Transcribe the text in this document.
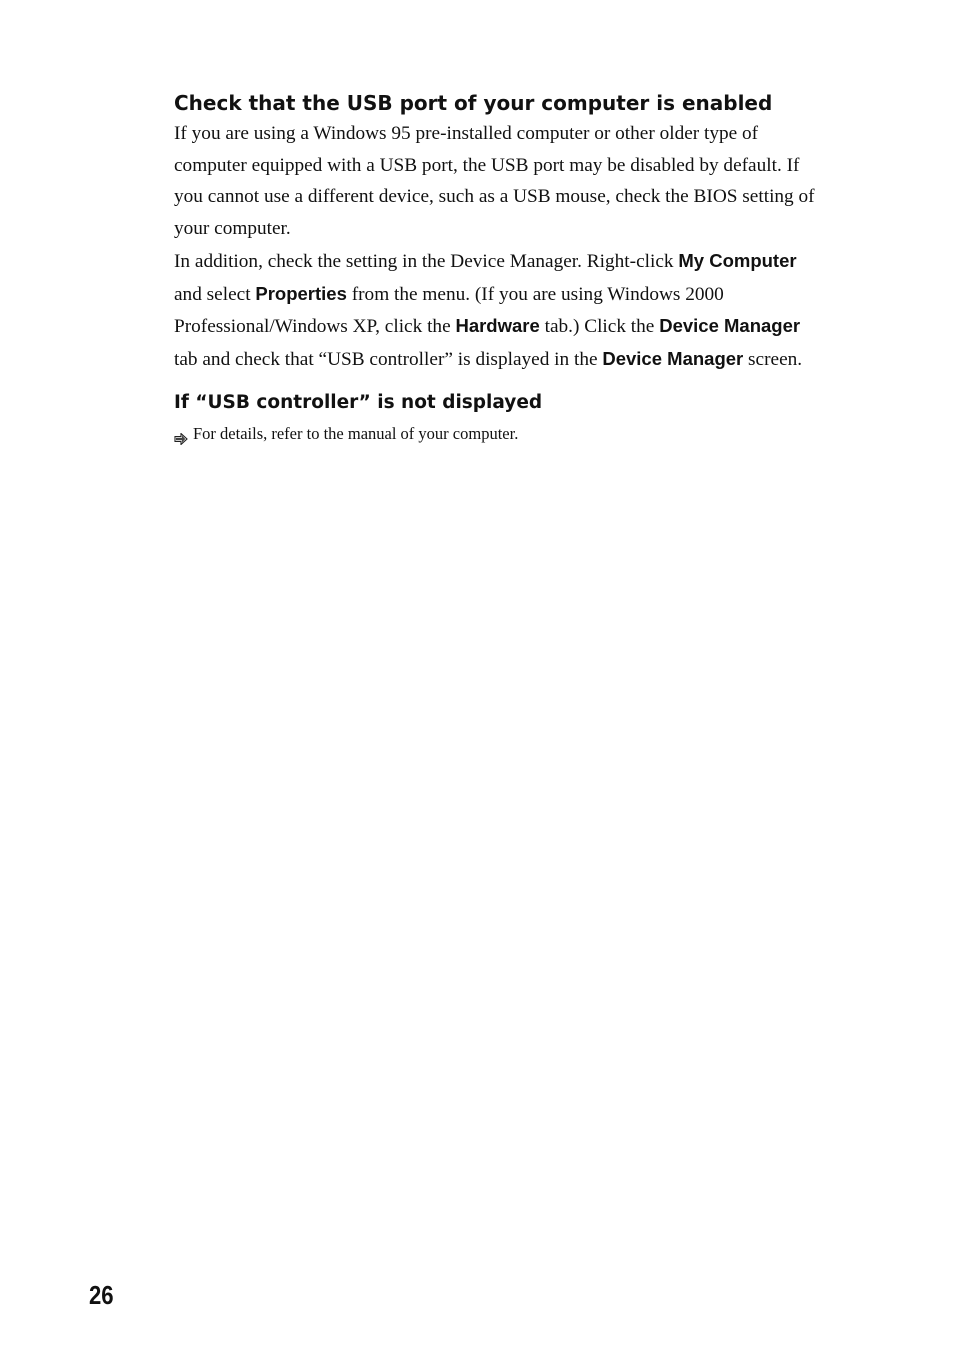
Check that the USB port of your computer is enabled

If you are using a Windows 95 pre-installed computer or other older type of computer equipped with a USB port, the USB port may be disabled by default. If you cannot use a different device, such as a USB mouse, check the BIOS setting of your computer.

In addition, check the setting in the Device Manager. Right-click My Computer and select Properties from the menu. (If you are using Windows 2000 Professional/Windows XP, click the Hardware tab.) Click the Device Manager tab and check that “USB controller” is displayed in the Device Manager screen.

If “USB controller” is not displayed
For details, refer to the manual of your computer.
26
